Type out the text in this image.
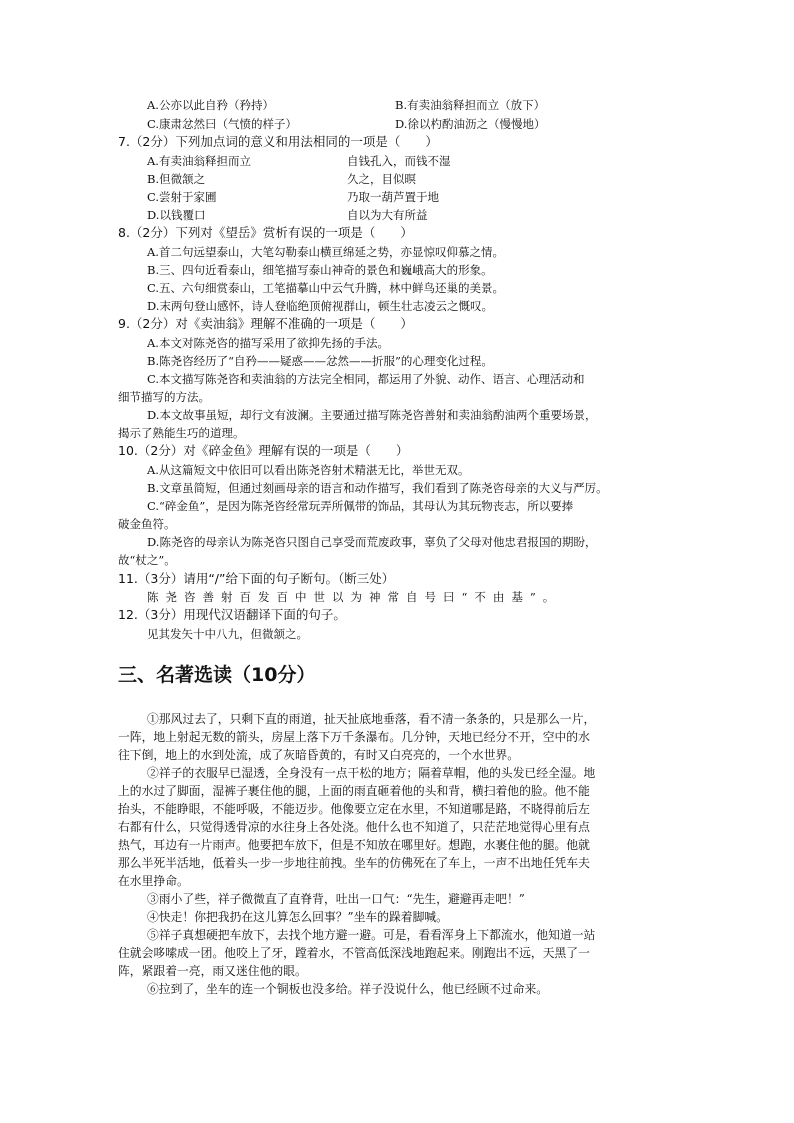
A.公亦以此自矜（矜持）	B.有卖油翁释担而立（放下）
C.康肃忿然曰（气愤的样子）	D.徐以杓酌油沥之（慢慢地）
7.（2分）下列加点词的意义和用法相同的一项是（　　）
A.有卖油翁释担而立	自钱孔入，而钱不湿
B.但微颔之	久之，目似暝
C.尝射于家圃	乃取一葫芦置于地
D.以钱覆口	自以为大有所益
8.（2分）下列对《望岳》赏析有误的一项是（　　）
A.首二句远望泰山，大笔勾勒泰山横亘绵延之势，亦显惊叹仰慕之情。
B.三、四句近看泰山，细笔描写泰山神奇的景色和巍峨高大的形象。
C.五、六句细赏泰山，工笔描摹山中云气升腾，林中鲜鸟还巢的美景。
D.末两句登山感怀，诗人登临绝顶俯视群山，顿生壮志凌云之慨叹。
9.（2分）对《卖油翁》理解不准确的一项是（　　）
A.本文对陈尧咨的描写采用了欲抑先扬的手法。
B.陈尧咨经历了“自矜——疑惑——忿然——折服”的心理变化过程。
C.本文描写陈尧咨和卖油翁的方法完全相同，都运用了外貌、动作、语言、心理活动和
细节描写的方法。
D.本文故事虽短，却行文有波澜。主要通过描写陈尧咨善射和卖油翁酌油两个重要场景，
揭示了熟能生巧的道理。
10.（2分）对《碎金鱼》理解有误的一项是（　　）
A.从这篇短文中依旧可以看出陈尧咨射术精湛无比，举世无双。
B.文章虽简短，但通过刻画母亲的语言和动作描写，我们看到了陈尧咨母亲的大义与严厉。
C.“碎金鱼”，是因为陈尧咨经常玩弄所佩带的饰品，其母认为其玩物丧志，所以要捧
破金鱼符。
D.陈尧咨的母亲认为陈尧咨只图自己享受而荒废政事，辜负了父母对他忠君报国的期盼，
故“杖之”。
11.（3分）请用“/”给下面的句子断句。（断三处）
陈尧咨善射百发百中世以为神常自号曰“不由基”。
12.（3分）用现代汉语翻译下面的句子。
见其发矢十中八九，但微颔之。
三、名著选读（10分）
①那风过去了，只剩下直的雨道，扯天扯底地垂落，看不清一条条的，只是那么一片，
一阵，地上射起无数的箭头，房屋上落下万千条瀑布。几分钟，天地已经分不开，空中的水
往下倒，地上的水到处流，成了灰暗昏黄的，有时又白亮亮的，一个水世界。
②祥子的衣服早已湿透，全身没有一点干松的地方；隔着草帽，他的头发已经全湿。地
上的水过了脚面，湿裤子裹住他的腿，上面的雨直砸着他的头和背，横扫着他的脸。他不能
抬头，不能睁眼，不能呼吸，不能迈步。他像要立定在水里，不知道哪是路，不晓得前后左
右都有什么，只觉得透骨凉的水往身上各处浇。他什么也不知道了，只茫茫地觉得心里有点
热气，耳边有一片雨声。他要把车放下，但是不知放在哪里好。想跑，水裹住他的腿。他就
那么半死半活地，低着头一步一步地往前拽。坐车的仿佛死在了车上，一声不出地任凭车夫
在水里挣命。
③雨小了些，祥子微微直了直脊背，吐出一口气：“先生，避避再走吧！”
④快走！你把我扔在这儿算怎么回事？”坐车的跺着脚喊。
⑤祥子真想硬把车放下，去找个地方避一避。可是，看看浑身上下都流水，他知道一站
住就会哆嗦成一团。他咬上了牙，蹚着水，不管高低深浅地跑起来。刚跑出不远，天黑了一
阵，紧跟着一亮，雨又迷住他的眼。
⑥拉到了，坐车的连一个铜板也没多给。祥子没说什么，他已经顾不过命来。
